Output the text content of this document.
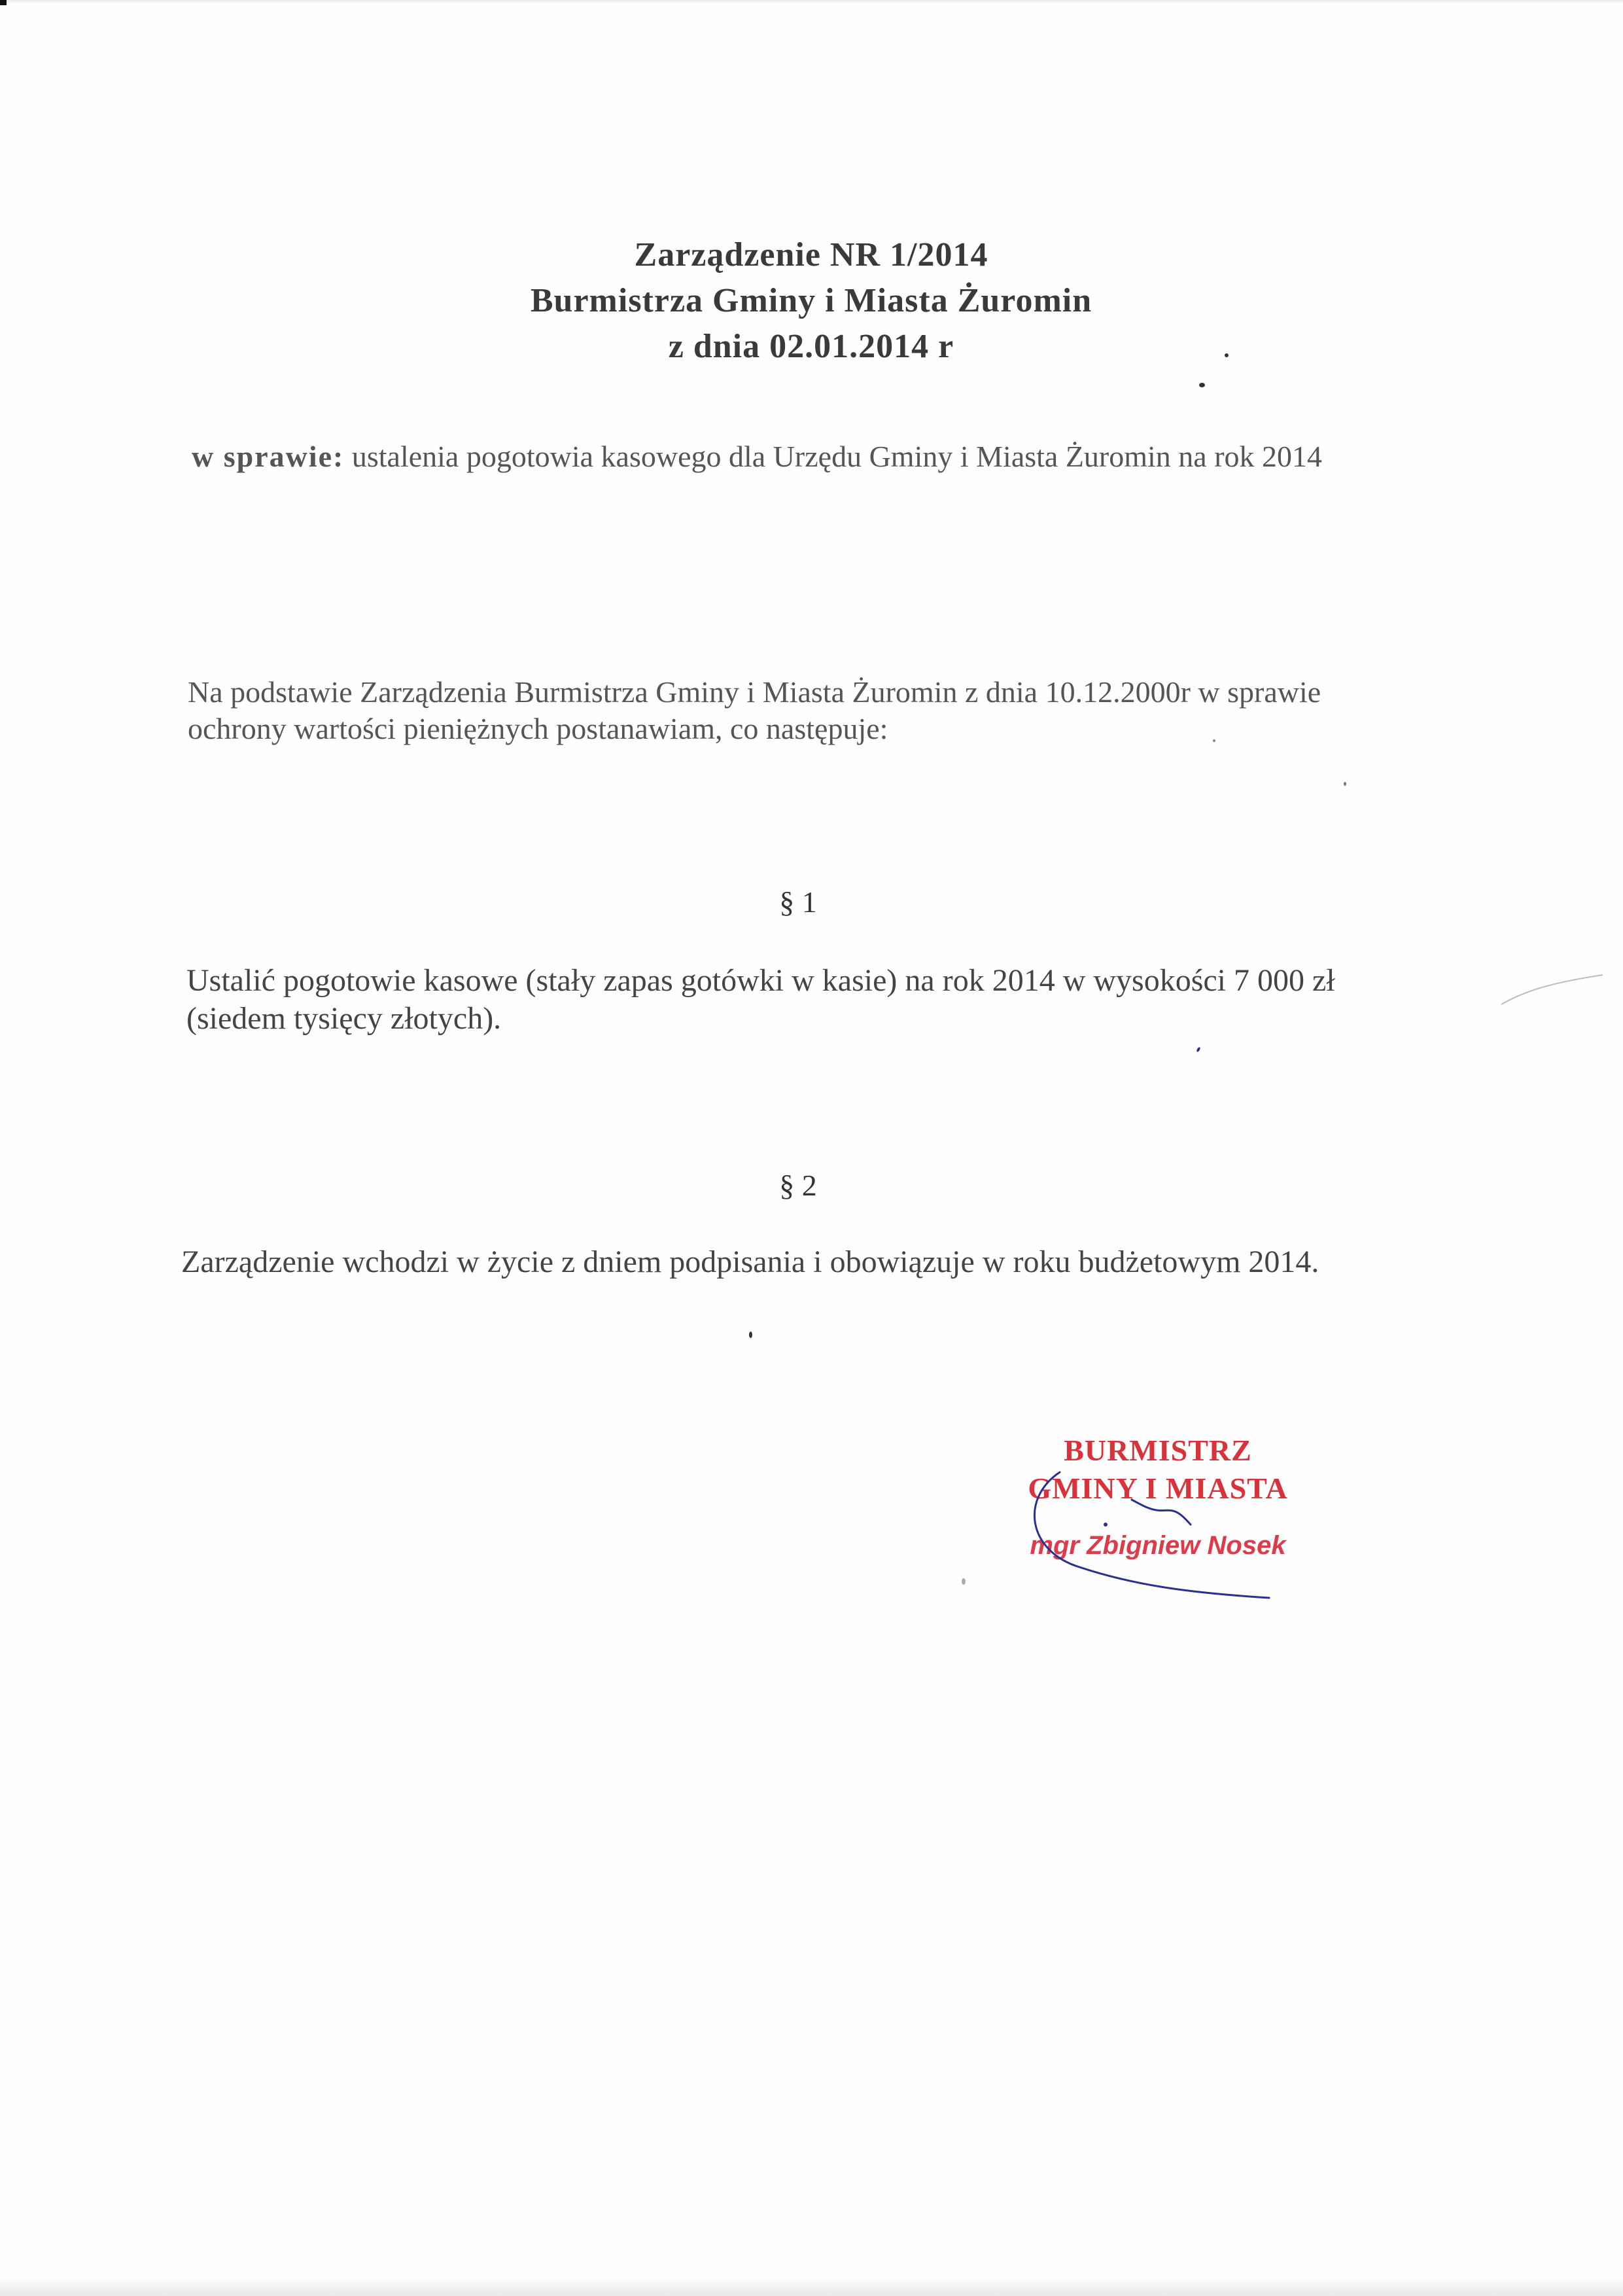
Zarządzenie NR 1/2014
Burmistrza Gminy i Miasta Żuromin
z dnia 02.01.2014 r
w sprawie: ustalenia pogotowia kasowego dla Urzędu Gminy i Miasta Żuromin na rok 2014
Na podstawie Zarządzenia Burmistrza Gminy i Miasta Żuromin z dnia 10.12.2000r w sprawie ochrony wartości pieniężnych postanawiam, co następuje:
§ 1
Ustalić pogotowie kasowe (stały zapas gotówki w kasie) na rok 2014 w wysokości 7 000 zł (siedem tysięcy złotych).
§ 2
Zarządzenie wchodzi w życie z dniem podpisania i obowiązuje w roku budżetowym 2014.
BURMISTRZ
GMINY I MIASTA
mgr Zbigniew Nosek
